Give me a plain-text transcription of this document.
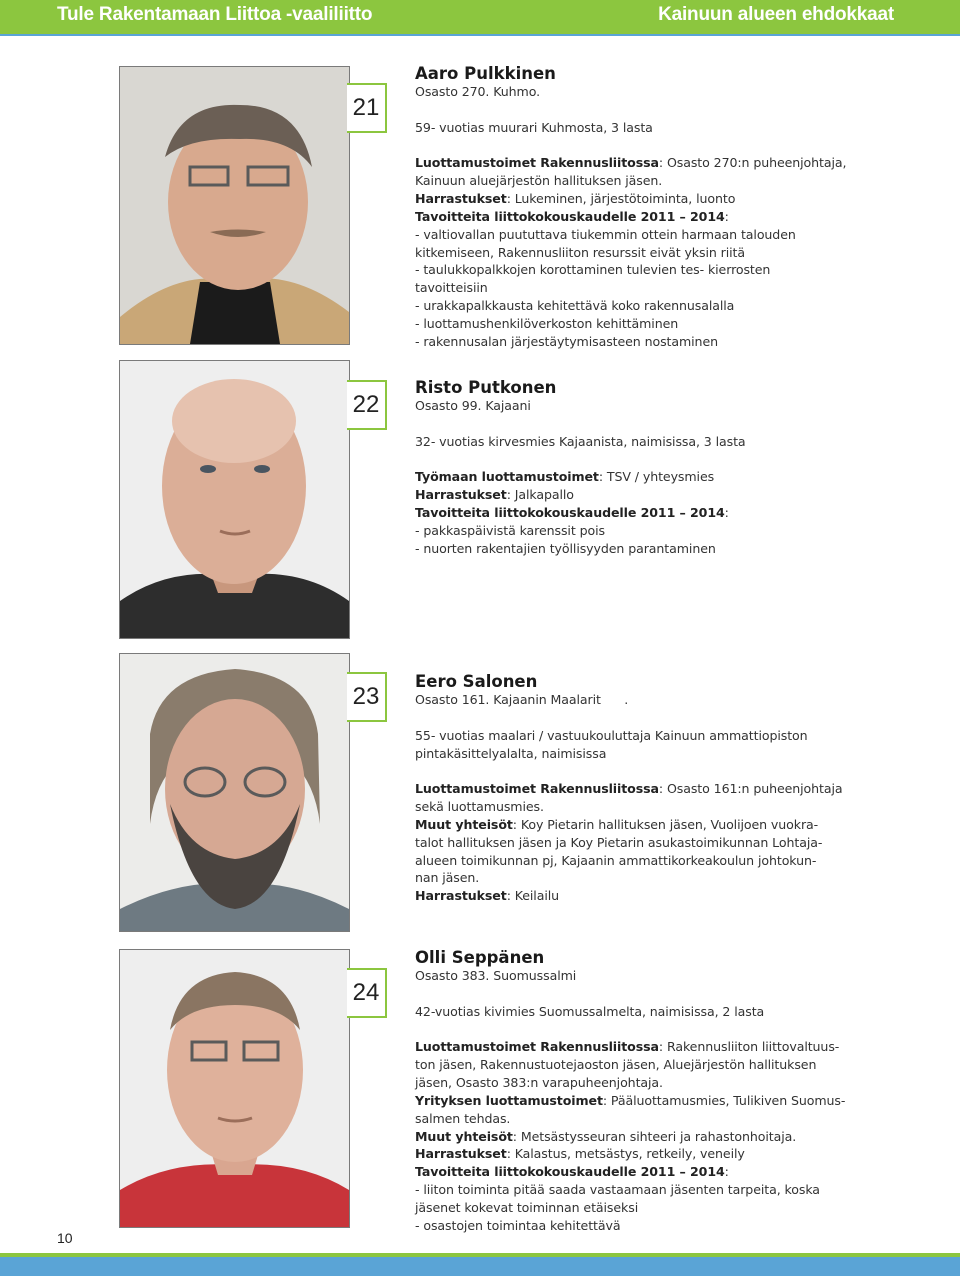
Tule Rakentamaan Liittoa -vaaliliitto	Kainuun alueen ehdokkaat
21
Aaro Pulkkinen
Osasto 270. Kuhmo.
59- vuotias muurari Kuhmosta, 3 lasta
Luottamustoimet Rakennusliitossa: Osasto 270:n puheenjohtaja,
Kainuun aluejärjestön hallituksen jäsen.
Harrastukset: Lukeminen, järjestötoiminta, luonto
Tavoitteita liittokokouskaudelle 2011 – 2014:
- valtiovallan puututtava tiukemmin ottein harmaan talouden
kitkemiseen, Rakennusliiton resurssit eivät yksin riitä
- taulukkopalkkojen korottaminen tulevien tes- kierrosten
tavoitteisiin
- urakkapalkkausta kehitettävä koko rakennusalalla
- luottamushenkilöverkoston kehittäminen
- rakennusalan järjestäytymisasteen nostaminen
22
Risto Putkonen
Osasto 99. Kajaani
32- vuotias kirvesmies Kajaanista, naimisissa, 3 lasta
Työmaan luottamustoimet: TSV / yhteysmies
Harrastukset: Jalkapallo
Tavoitteita liittokokouskaudelle 2011 – 2014:
- pakkaspäivistä karenssit pois
- nuorten rakentajien työllisyyden parantaminen
23
Eero Salonen
Osasto 161. Kajaanin Maalarit      .
55- vuotias maalari / vastuukouluttaja Kainuun ammattiopiston
pintakäsittelyalalta, naimisissa
Luottamustoimet Rakennusliitossa: Osasto 161:n puheenjohtaja
sekä luottamusmies.
Muut yhteisöt: Koy Pietarin hallituksen jäsen, Vuolijoen vuokra-
talot hallituksen jäsen ja Koy Pietarin asukastoimikunnan Lohtaja-
alueen toimikunnan pj, Kajaanin ammattikorkeakoulun johtokun-
nan jäsen.
Harrastukset: Keilailu
24
Olli Seppänen
Osasto 383. Suomussalmi
42-vuotias kivimies Suomussalmelta, naimisissa, 2 lasta
Luottamustoimet Rakennusliitossa: Rakennusliiton liittovaltuus-
ton jäsen, Rakennustuotejaoston jäsen, Aluejärjestön hallituksen
jäsen, Osasto 383:n varapuheenjohtaja.
Yrityksen luottamustoimet: Pääluottamusmies, Tulikiven Suomus-
salmen tehdas.
Muut yhteisöt: Metsästysseuran sihteeri ja rahastonhoitaja.
Harrastukset: Kalastus, metsästys, retkeily, veneily
Tavoitteita liittokokouskaudelle 2011 – 2014:
- liiton toiminta pitää saada vastaamaan jäsenten tarpeita, koska
jäsenet kokevat toiminnan etäiseksi
- osastojen toimintaa kehitettävä
10
